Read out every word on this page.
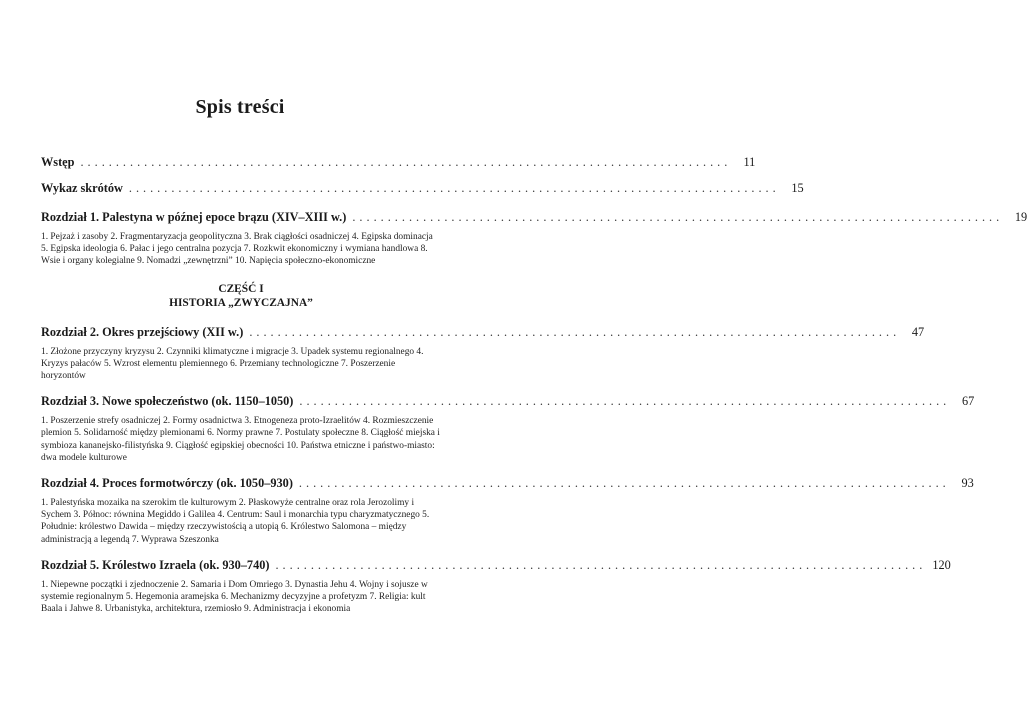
Spis treści
Wstęp ............................................................................................ 11
Wykaz skrótów ............................................................................................ 15
Rozdział 1. Palestyna w późnej epoce brązu (XIV–XIII w.) ............................................................................................ 19

1. Pejzaż i zasoby 2. Fragmentaryzacja geopolityczna 3. Brak ciągłości osadniczej 4. Egipska dominacja 5. Egipska ideologia 6. Pałac i jego centralna pozycja 7. Rozkwit ekonomiczny i wymiana handlowa 8. Wsie i organy kolegialne 9. Nomadzi „zewnętrzni” 10. Napięcia społeczno-ekonomiczne

CZĘŚĆ I
HISTORIA „ZWYCZAJNA”
Rozdział 2. Okres przejściowy (XII w.) ............................................................................................ 47

1. Złożone przyczyny kryzysu 2. Czynniki klimatyczne i migracje 3. Upadek systemu regionalnego 4. Kryzys pałaców 5. Wzrost elementu plemiennego 6. Przemiany technologiczne 7. Poszerzenie horyzontów

Rozdział 3. Nowe społeczeństwo (ok. 1150–1050) ............................................................................................ 67

1. Poszerzenie strefy osadniczej 2. Formy osadnictwa 3. Etnogeneza proto-Izraelitów 4. Rozmieszczenie plemion 5. Solidarność między plemionami 6. Normy prawne 7. Postulaty społeczne 8. Ciągłość miejska i symbioza kananejsko-filistyńska 9. Ciągłość egipskiej obecności 10. Państwa etniczne i państwo-miasto: dwa modele kulturowe

Rozdział 4. Proces formotwórczy (ok. 1050–930) ............................................................................................ 93

1. Palestyńska mozaika na szerokim tle kulturowym 2. Płaskowyże centralne oraz rola Jerozolimy i Sychem 3. Północ: równina Megiddo i Galilea 4. Centrum: Saul i monarchia typu charyzmatycznego 5. Południe: królestwo Dawida – między rzeczywistością a utopią 6. Królestwo Salomona – między administracją a legendą 7. Wyprawa Szeszonka

Rozdział 5. Królestwo Izraela (ok. 930–740) ............................................................................................ 120

1. Niepewne początki i zjednoczenie 2. Samaria i Dom Omriego 3. Dynastia Jehu 4. Wojny i sojusze w systemie regionalnym 5. Hegemonia aramejska 6. Mechanizmy decyzyjne a profetyzm 7. Religia: kult Baala i Jahwe 8. Urbanistyka, architektura, rzemiosło 9. Administracja i ekonomia
